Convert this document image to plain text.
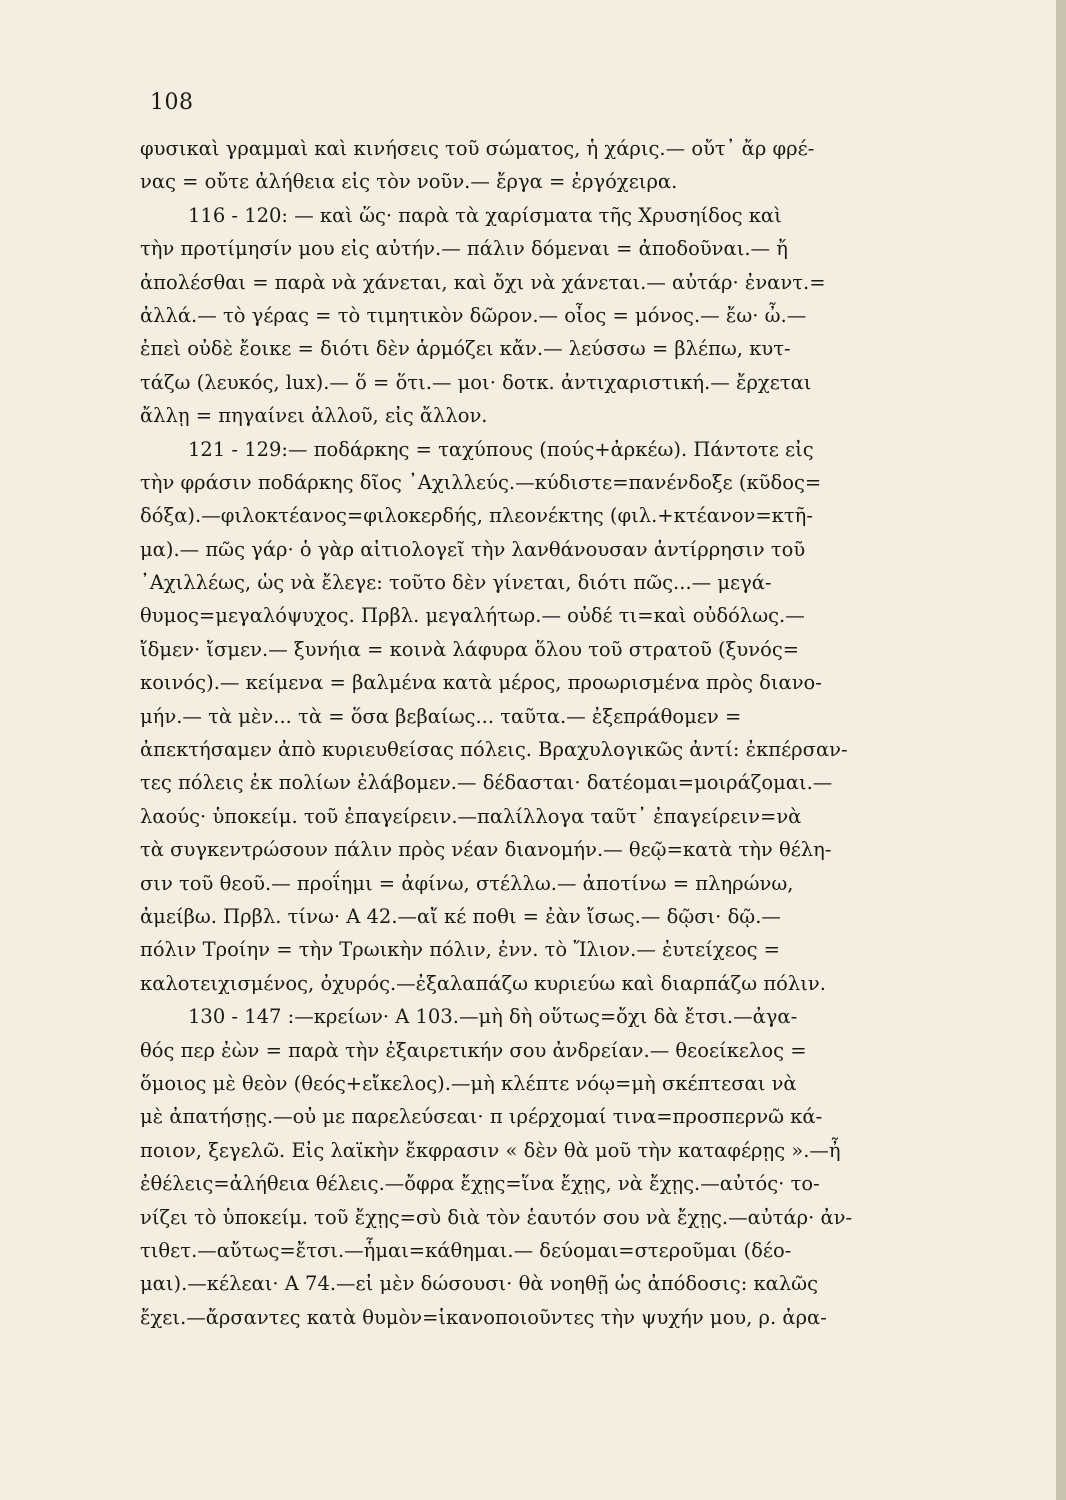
108
φυσικαὶ γραμμαὶ καὶ κινήσεις τοῦ σώματος, ἡ χάρις.— οὔτ᾽ ἄρ φρέ-
νας = οὔτε ἀλήθεια εἰς τὸν νοῦν.— ἔργα = ἐργόχειρα.
116 - 120: — καὶ ὥς· παρὰ τὰ χαρίσματα τῆς Χρυσηίδος καὶ
τὴν προτίμησίν μου εἰς αὐτήν.— πάλιν δόμεναι = ἀποδοῦναι.— ἤ
ἀπολέσθαι = παρὰ νὰ χάνεται, καὶ ὄχι νὰ χάνεται.— αὐτάρ· ἐναντ.=
ἀλλά.— τὸ γέρας = τὸ τιμητικὸν δῶρον.— οἶος = μόνος.— ἔω· ὦ.—
ἐπεὶ οὐδὲ ἔοικε = διότι δὲν ἁρμόζει κἄν.— λεύσσω = βλέπω, κυτ-
τάζω (λευκός, lux).— ὅ = ὅτι.— μοι· δοτκ. ἀντιχαριστική.— ἔρχεται
ἄλλῃ = πηγαίνει ἀλλοῦ, εἰς ἄλλον.
121 - 129:— ποδάρκης = ταχύπους (πούς+ἀρκέω). Πάντοτε εἰς
τὴν φράσιν ποδάρκης δῖος ᾿Αχιλλεύς.—κύδιστε=πανένδοξε (κῦδος=
δόξα).—φιλοκτέανος=φιλοκερδής, πλεονέκτης (φιλ.+κτέανον=κτῆ-
μα).— πῶς γάρ· ὁ γὰρ αἰτιολογεῖ τὴν λανθάνουσαν ἀντίρρησιν τοῦ
᾿Αχιλλέως, ὡς νὰ ἔλεγε: τοῦτο δὲν γίνεται, διότι πῶς...— μεγά-
θυμος=μεγαλόψυχος. Πρβλ. μεγαλήτωρ.— οὐδέ τι=καὶ οὐδόλως.—
ἴδμεν· ἴσμεν.— ξυνήια = κοινὰ λάφυρα ὅλου τοῦ στρατοῦ (ξυνός=
κοινός).— κείμενα = βαλμένα κατὰ μέρος, προωρισμένα πρὸς διανο-
μήν.— τὰ μὲν... τὰ = ὅσα βεβαίως... ταῦτα.— ἐξεπράθομεν =
ἀπεκτήσαμεν ἀπὸ κυριευθείσας πόλεις. Βραχυλογικῶς ἀντί: ἐκπέρσαν-
τες πόλεις ἐκ πολίων ἐλάβομεν.— δέδασται· δατέομαι=μοιράζομαι.—
λαούς· ὑποκείμ. τοῦ ἐπαγείρειν.—παλίλλογα ταῦτ᾽ ἐπαγείρειν=νὰ
τὰ συγκεντρώσουν πάλιν πρὸς νέαν διανομήν.— θεῷ=κατὰ τὴν θέλη-
σιν τοῦ θεοῦ.— προΐημι = ἀφίνω, στέλλω.— ἀποτίνω = πληρώνω,
ἀμείβω. Πρβλ. τίνω· Α 42.—αἴ κέ ποθι = ἐὰν ἴσως.— δῷσι· δῷ.—
πόλιν Τροίην = τὴν Τρωικὴν πόλιν, ἐνν. τὸ Ἴλιον.— ἐυτείχεος =
καλοτειχισμένος, ὀχυρός.—ἐξαλαπάζω κυριεύω καὶ διαρπάζω πόλιν.
130 - 147 :—κρείων· Α 103.—μὴ δὴ οὕτως=ὄχι δὰ ἔτσι.—ἀγα-
θός περ ἐὼν = παρὰ τὴν ἐξαιρετικήν σου ἀνδρείαν.— θεοείκελος =
ὅμοιος μὲ θεὸν (θεός+εἴκελος).—μὴ κλέπτε νόῳ=μὴ σκέπτεσαι νὰ
μὲ ἀπατήσῃς.—οὐ με παρελεύσεαι· π ιρέρχομαί τινα=προσπερνῶ κά-
ποιον, ξεγελῶ. Εἰς λαϊκὴν ἔκφρασιν « δὲν θὰ μοῦ τὴν καταφέρῃς ».—ἦ
ἐθέλεις=ἀλήθεια θέλεις.—ὄφρα ἔχῃς=ἵνα ἔχῃς, νὰ ἔχῃς.—αὐτός· το-
νίζει τὸ ὑποκείμ. τοῦ ἔχῃς=σὺ διὰ τὸν ἑαυτόν σου νὰ ἔχῃς.—αὐτάρ· ἀν-
τιθετ.—αὔτως=ἔτσι.—ἧμαι=κάθημαι.— δεύομαι=στεροῦμαι (δέο-
μαι).—κέλεαι· Α 74.—εἰ μὲν δώσουσι· θὰ νοηθῇ ὡς ἀπόδοσις: καλῶς
ἔχει.—ἄρσαντες κατὰ θυμὸν=ἱκανοποιοῦντες τὴν ψυχήν μου, ρ. ἀρα-
